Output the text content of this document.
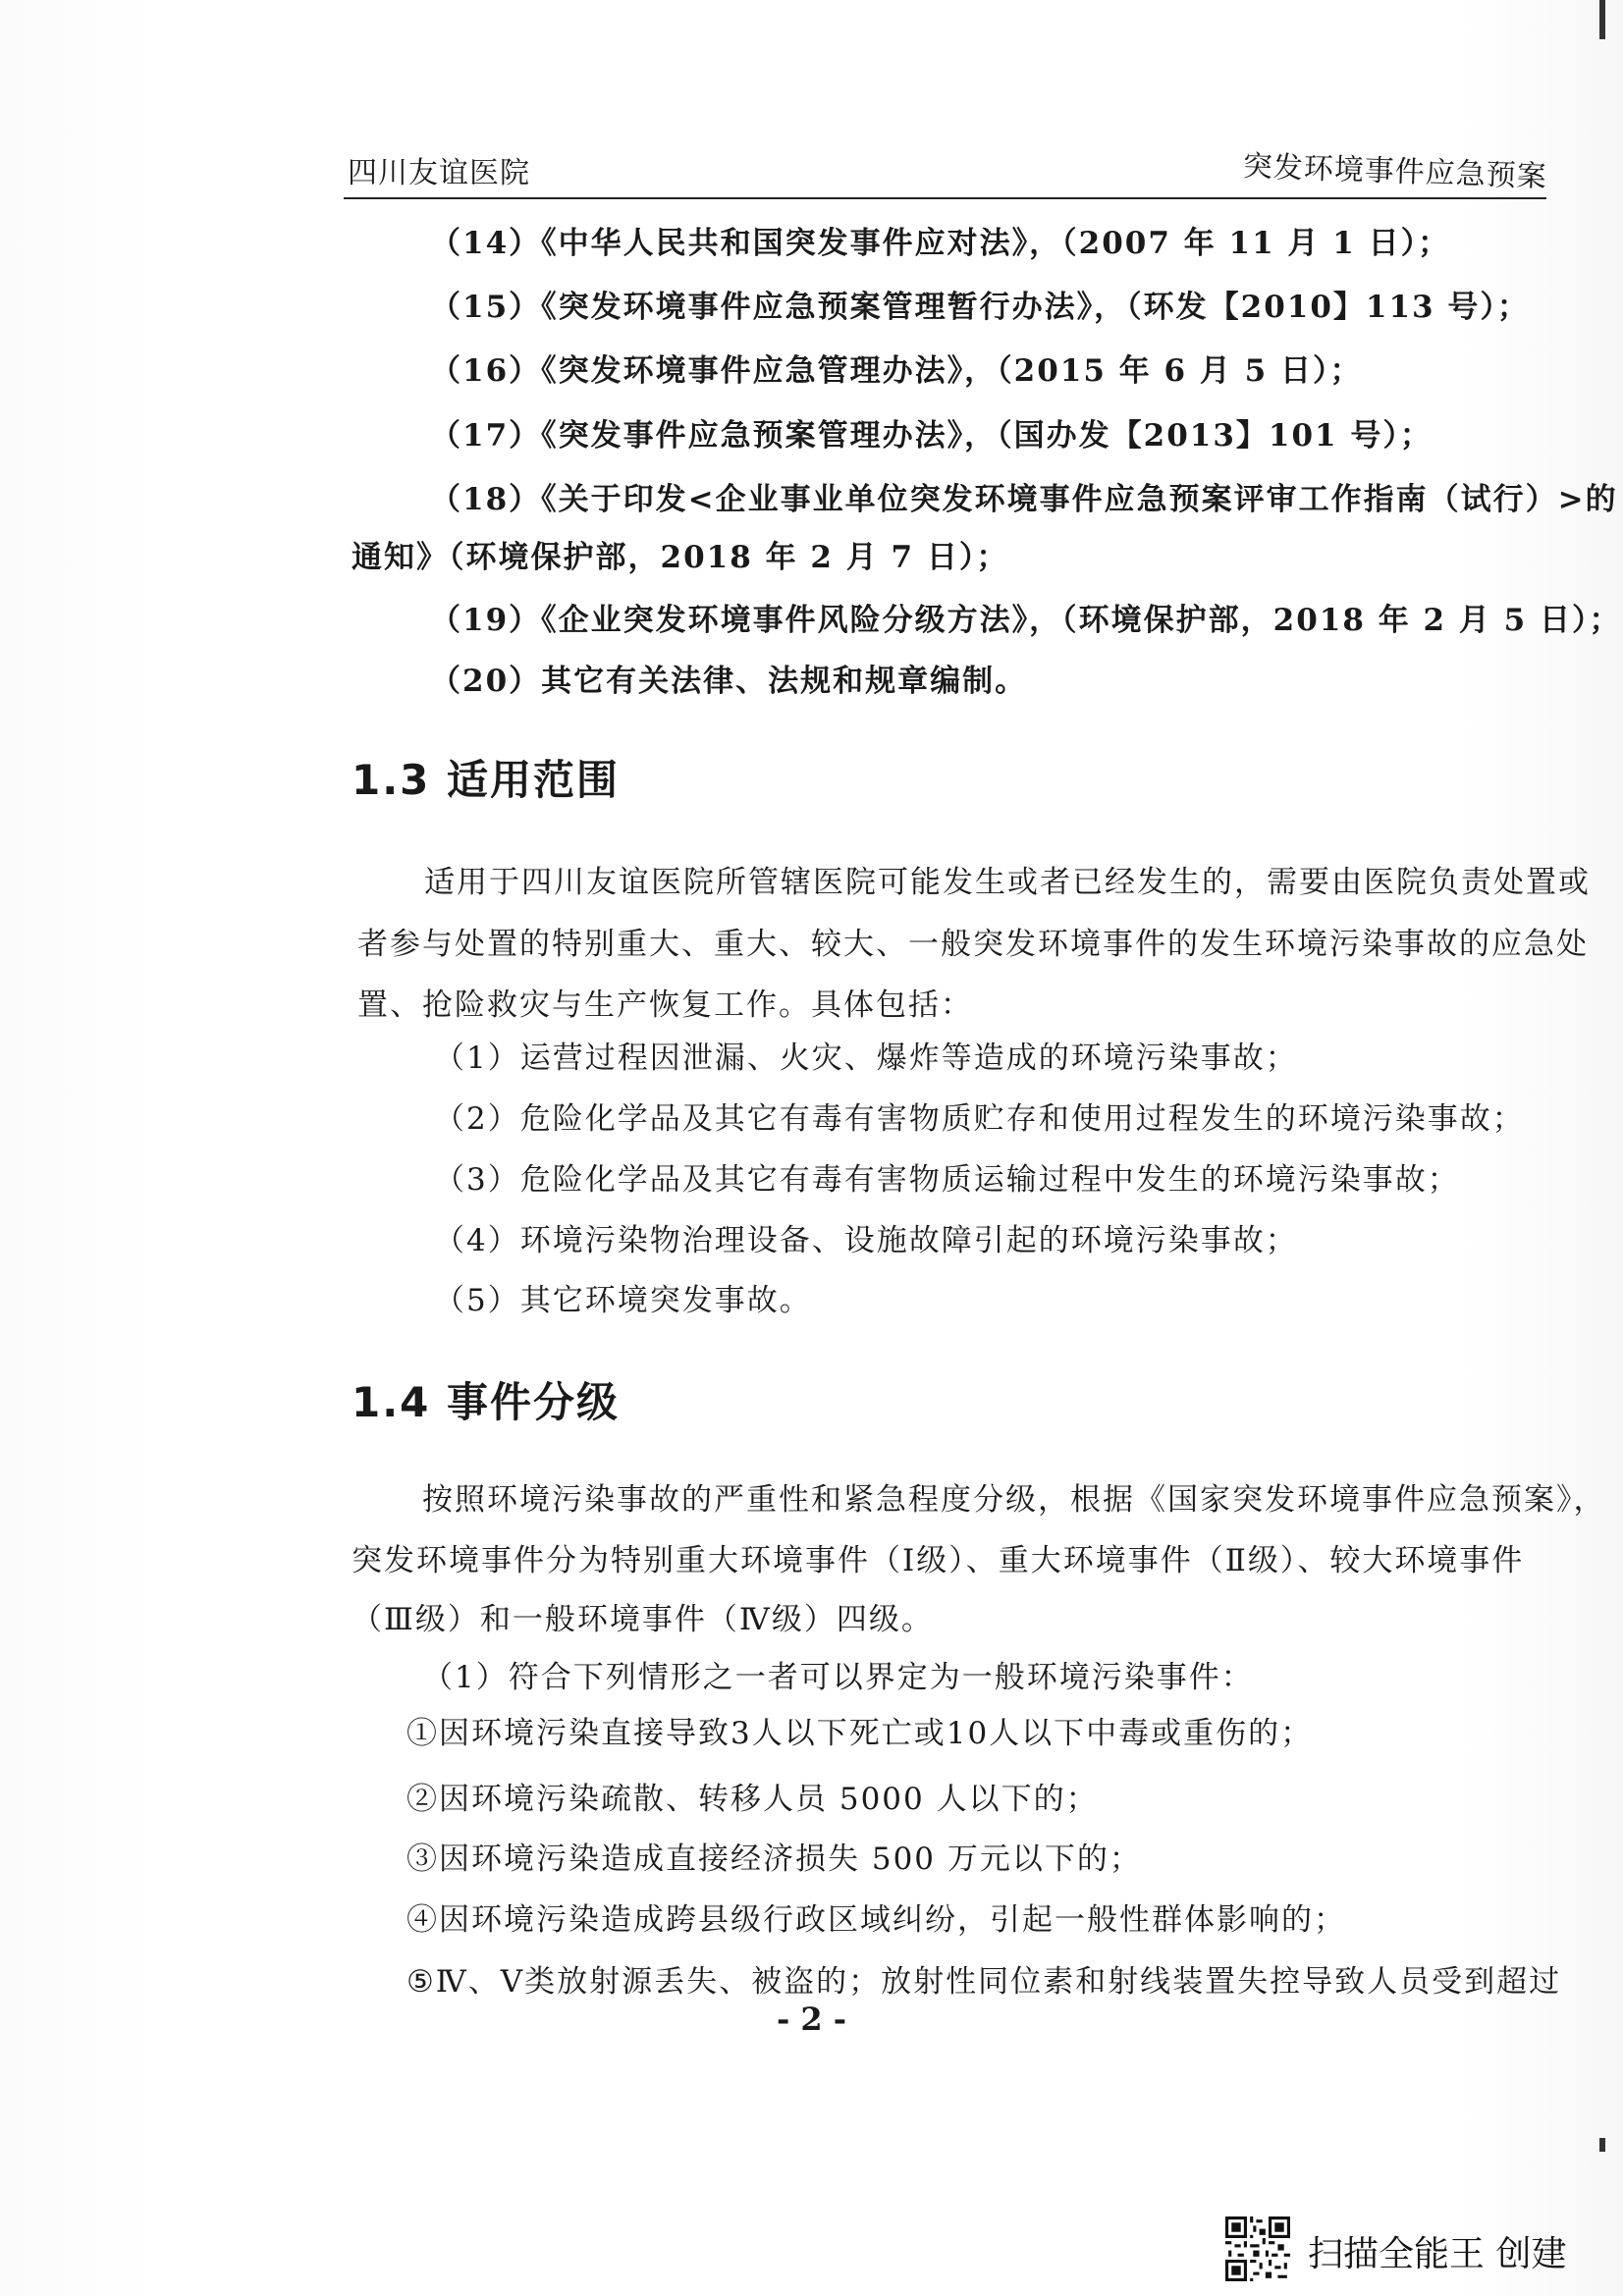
四川友谊医院	突发环境事件应急预案
（14）《中华人民共和国突发事件应对法》，（2007 年 11 月 1 日）；
（15）《突发环境事件应急预案管理暂行办法》，（环发【2010】113 号）；
（16）《突发环境事件应急管理办法》，（2015 年 6 月 5 日）；
（17）《突发事件应急预案管理办法》，（国办发【2013】101 号）；
（18）《关于印发<企业事业单位突发环境事件应急预案评审工作指南（试行）>的
通知》（环境保护部，2018 年 2 月 7 日）；
（19）《企业突发环境事件风险分级方法》，（环境保护部，2018 年 2 月 5 日）；
（20）其它有关法律、法规和规章编制。
1.3 适用范围
适用于四川友谊医院所管辖医院可能发生或者已经发生的，需要由医院负责处置或
者参与处置的特别重大、重大、较大、一般突发环境事件的发生环境污染事故的应急处
置、抢险救灾与生产恢复工作。具体包括：
（1）运营过程因泄漏、火灾、爆炸等造成的环境污染事故；
（2）危险化学品及其它有毒有害物质贮存和使用过程发生的环境污染事故；
（3）危险化学品及其它有毒有害物质运输过程中发生的环境污染事故；
（4）环境污染物治理设备、设施故障引起的环境污染事故；
（5）其它环境突发事故。
1.4 事件分级
按照环境污染事故的严重性和紧急程度分级，根据《国家突发环境事件应急预案》，
突发环境事件分为特别重大环境事件（Ⅰ级）、重大环境事件（Ⅱ级）、较大环境事件
（Ⅲ级）和一般环境事件（Ⅳ级）四级。
（1）符合下列情形之一者可以界定为一般环境污染事件：
①因环境污染直接导致3人以下死亡或10人以下中毒或重伤的；
②因环境污染疏散、转移人员 5000 人以下的；
③因环境污染造成直接经济损失 500 万元以下的；
④因环境污染造成跨县级行政区域纠纷，引起一般性群体影响的；
⑤Ⅳ、Ⅴ类放射源丢失、被盗的；放射性同位素和射线装置失控导致人员受到超过
- 2 -
扫描全能王 创建
